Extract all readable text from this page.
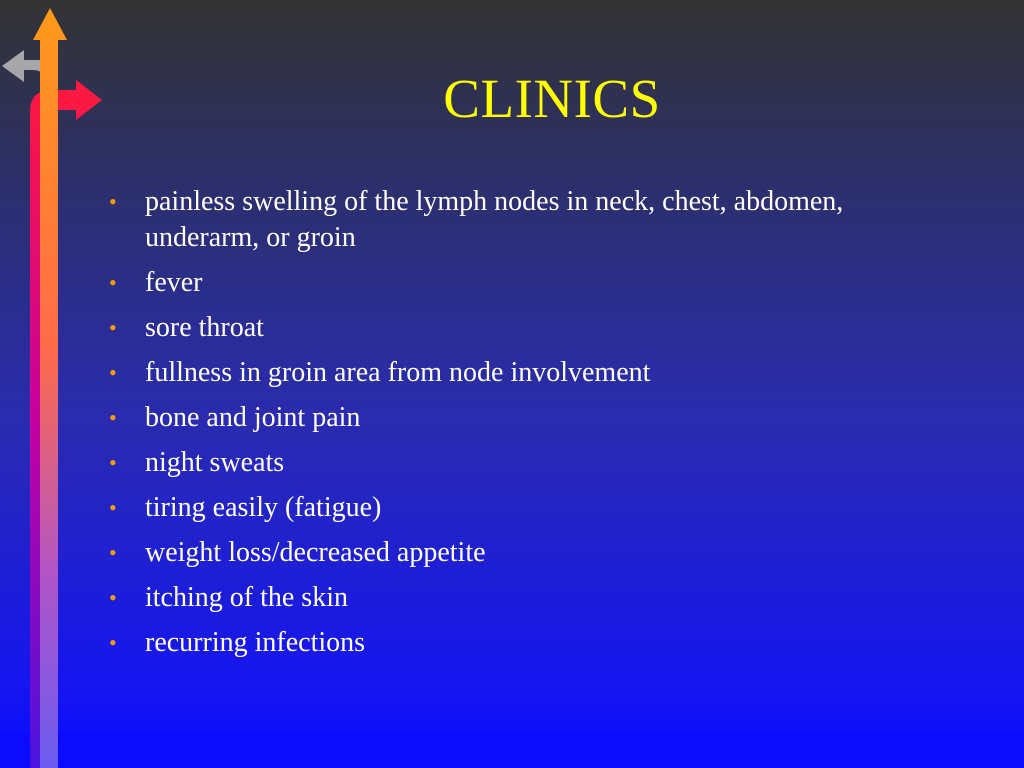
CLINICS
• painless swelling of the lymph nodes in neck, chest, abdomen, underarm, or groin
• fever
• sore throat
• fullness in groin area from node involvement
• bone and joint pain
• night sweats
• tiring easily (fatigue)
• weight loss/decreased appetite
• itching of the skin
• recurring infections
